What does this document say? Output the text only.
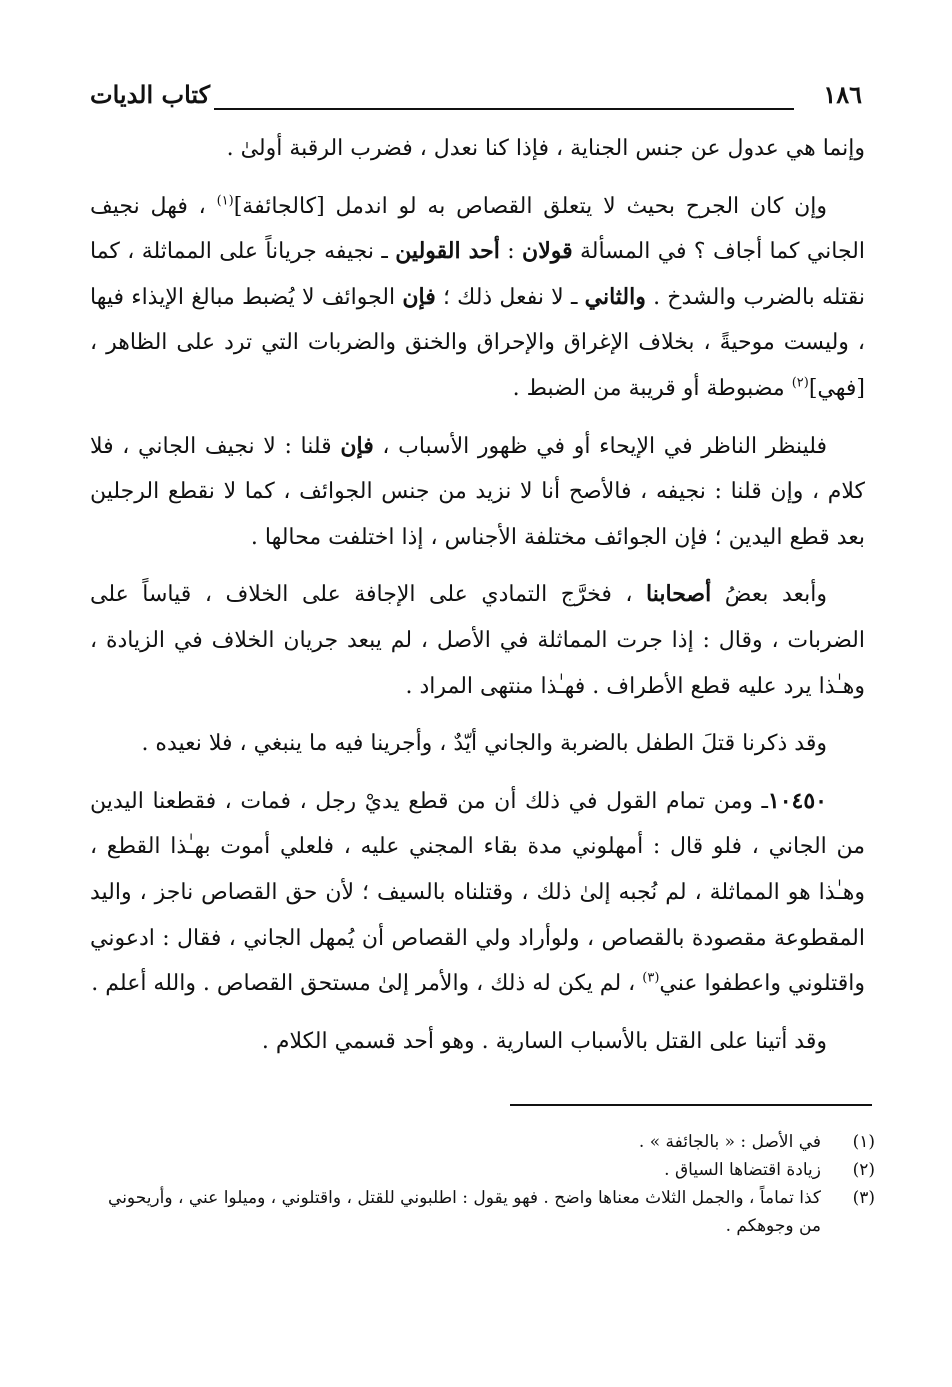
١٨٦
كتاب الديات

وإنما هي عدول عن جنس الجناية ، فإذا كنا نعدل ، فضرب الرقبة أولىٰ .

وإن كان الجرح بحيث لا يتعلق القصاص به لو اندمل [كالجائفة]$^{(١)}$ ، فهل نجيف الجاني كما أجاف ؟ في المسألة قولان : أحد القولين ـ نجيفه جرياناً على المماثلة ، كما نقتله بالضرب والشدخ . والثاني ـ لا نفعل ذلك ؛ فإن الجوائف لا يُضبط مبالغ الإيذاء فيها ، وليست موحيةً ، بخلاف الإغراق والإحراق والخنق والضربات التي ترد على الظاهر ، [فهي]$^{(٢)}$ مضبوطة أو قريبة من الضبط .

فلينظر الناظر في الإيحاء أو في ظهور الأسباب ، فإن قلنا : لا نجيف الجاني ، فلا كلام ، وإن قلنا : نجيفه ، فالأصح أنا لا نزيد من جنس الجوائف ، كما لا نقطع الرجلين بعد قطع اليدين ؛ فإن الجوائف مختلفة الأجناس ، إذا اختلفت محالها .

وأبعد بعضُ أصحابنا ، فخرَّج التمادي على الإجافة على الخلاف ، قياساً على الضربات ، وقال : إذا جرت المماثلة في الأصل ، لم يبعد جريان الخلاف في الزيادة ، وهـٰذا يرد عليه قطع الأطراف . فهـٰذا منتهى المراد .

وقد ذكرنا قتلَ الطفل بالضربة والجاني أيّدٌ ، وأجرينا فيه ما ينبغي ، فلا نعيده .

١٠٤٥٠ـ ومن تمام القول في ذلك أن من قطع يديْ رجل ، فمات ، فقطعنا اليدين من الجاني ، فلو قال : أمهلوني مدة بقاء المجني عليه ، فلعلي أموت بهـٰذا القطع ، وهـٰذا هو المماثلة ، لم نُجبه إلىٰ ذلك ، وقتلناه بالسيف ؛ لأن حق القصاص ناجز ، واليد المقطوعة مقصودة بالقصاص ، ولوأراد ولي القصاص أن يُمهل الجاني ، فقال : ادعوني واقتلوني واعطفوا عني$^{(٣)}$ ، لم يكن له ذلك ، والأمر إلىٰ مستحق القصاص . والله أعلم .

وقد أتينا على القتل بالأسباب السارية . وهو أحد قسمي الكلام .

(١)
في الأصل : « بالجائفة » .
(٢)
زيادة اقتضاها السياق .
(٣)
كذا تماماً ، والجمل الثلاث معناها واضح . فهو يقول : اطلبوني للقتل ، واقتلوني ، وميلوا عني ، وأريحوني من وجوهكم .
